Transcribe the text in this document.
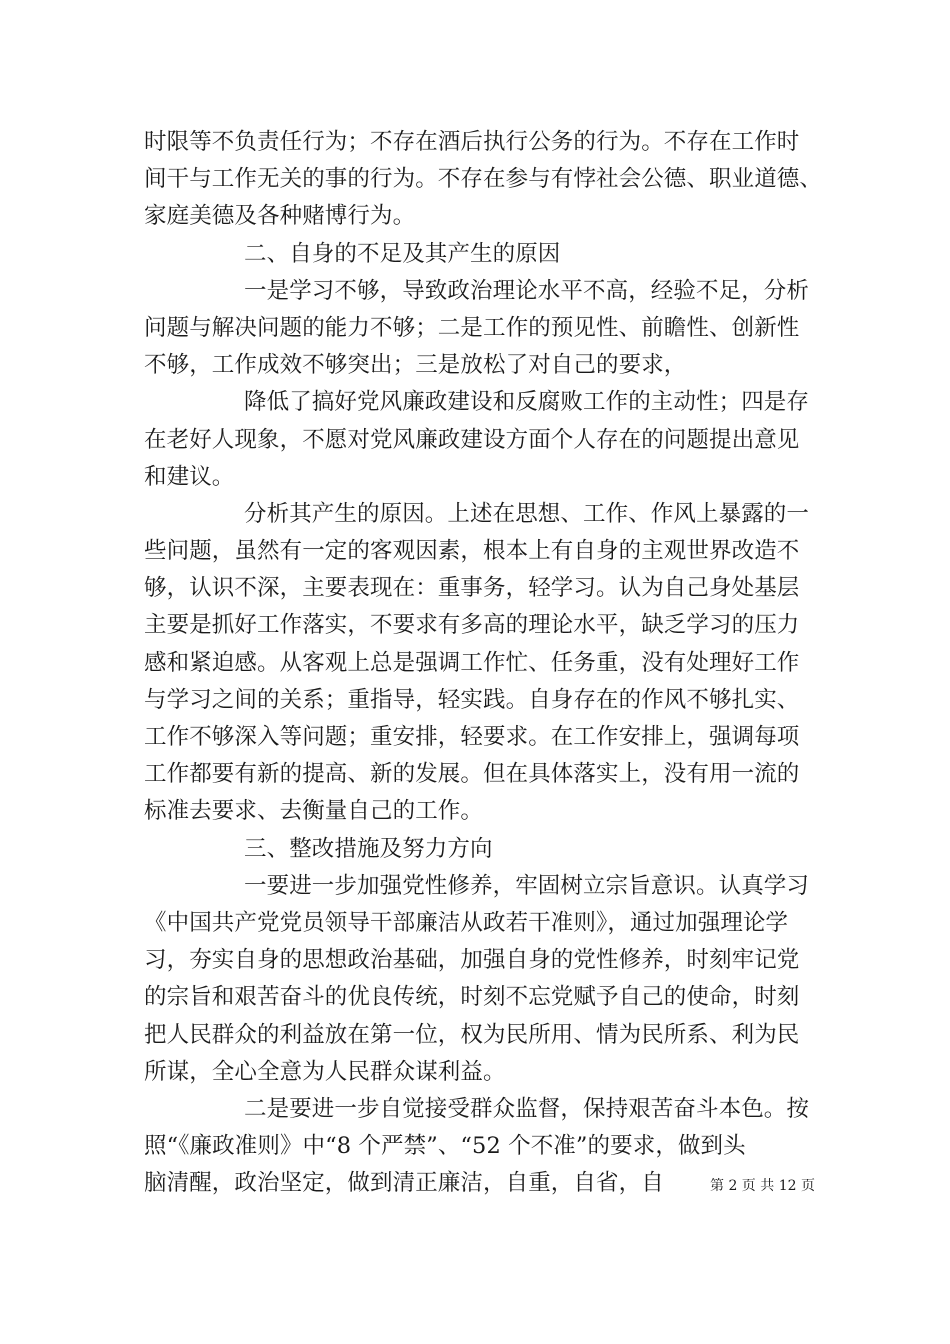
时限等不负责任行为；不存在酒后执行公务的行为。不存在工作时
间干与工作无关的事的行为。不存在参与有悖社会公德、职业道德、
家庭美德及各种赌博行为。
二、自身的不足及其产生的原因
一是学习不够，导致政治理论水平不高，经验不足，分析
问题与解决问题的能力不够；二是工作的预见性、前瞻性、创新性
不够，工作成效不够突出；三是放松了对自己的要求，
降低了搞好党风廉政建设和反腐败工作的主动性；四是存
在老好人现象，不愿对党风廉政建设方面个人存在的问题提出意见
和建议。
分析其产生的原因。上述在思想、工作、作风上暴露的一
些问题，虽然有一定的客观因素，根本上有自身的主观世界改造不
够，认识不深，主要表现在：重事务，轻学习。认为自己身处基层
主要是抓好工作落实，不要求有多高的理论水平，缺乏学习的压力
感和紧迫感。从客观上总是强调工作忙、任务重，没有处理好工作
与学习之间的关系；重指导，轻实践。自身存在的作风不够扎实、
工作不够深入等问题；重安排，轻要求。在工作安排上，强调每项
工作都要有新的提高、新的发展。但在具体落实上，没有用一流的
标准去要求、去衡量自己的工作。
三、整改措施及努力方向
一要进一步加强党性修养，牢固树立宗旨意识。认真学习
《中国共产党党员领导干部廉洁从政若干准则》，通过加强理论学
习，夯实自身的思想政治基础，加强自身的党性修养，时刻牢记党
的宗旨和艰苦奋斗的优良传统，时刻不忘党赋予自己的使命，时刻
把人民群众的利益放在第一位，权为民所用、情为民所系、利为民
所谋，全心全意为人民群众谋利益。
二是要进一步自觉接受群众监督，保持艰苦奋斗本色。按
照“《廉政准则》中“8 个严禁”、“52 个不准”的要求，做到头
脑清醒，政治坚定，做到清正廉洁，自重，自省，自	第 2 页 共 12 页
